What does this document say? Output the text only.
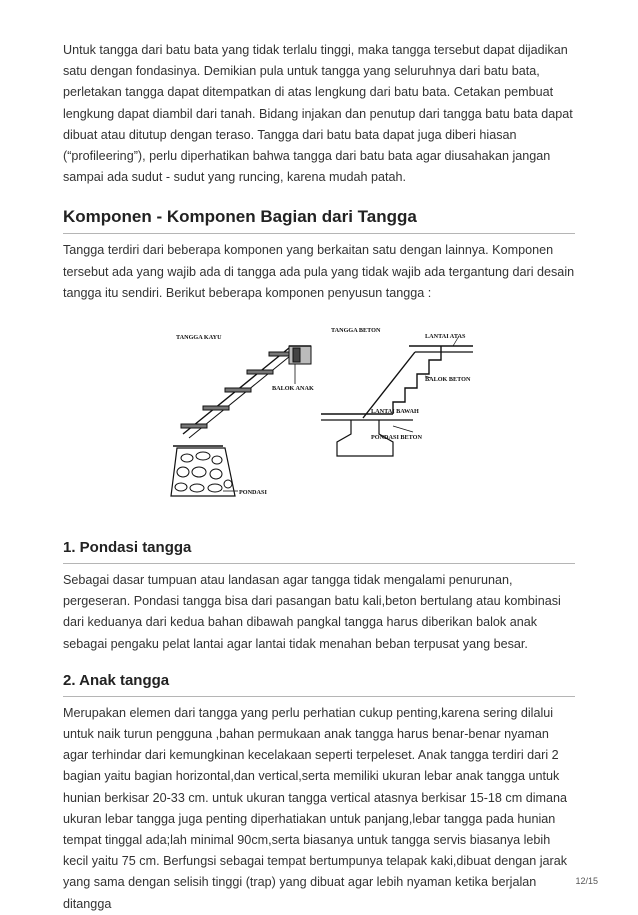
Untuk tangga dari batu bata yang tidak terlalu tinggi, maka tangga tersebut dapat dijadikan satu dengan fondasinya. Demikian pula untuk tangga yang seluruhnya dari batu bata, perletakan tangga dapat ditempatkan di atas lengkung dari batu bata. Cetakan pembuat lengkung dapat diambil dari tanah. Bidang injakan dan penutup dari tangga batu bata dapat dibuat atau ditutup dengan teraso. Tangga dari batu bata dapat juga diberi hiasan (“profileering”), perlu diperhatikan bahwa tangga dari batu bata agar diusahakan jangan sampai ada sudut - sudut yang runcing, karena mudah patah.

Komponen - Komponen Bagian dari Tangga

Tangga terdiri dari beberapa komponen yang berkaitan satu dengan lainnya. Komponen tersebut ada yang wajib ada di tangga ada pula yang tidak wajib ada tergantung dari desain tangga itu sendiri. Berikut beberapa komponen penyusun tangga :

TANGGA KAYU
BALOK ANAK
PONDASI
TANGGA BETON
LANTAI ATAS
BALOK BETON
LANTAI BAWAH
PONDASI BETON
1. Pondasi tangga

Sebagai dasar tumpuan atau landasan agar tangga tidak mengalami penurunan, pergeseran. Pondasi tangga bisa dari pasangan batu kali,beton bertulang atau kombinasi dari keduanya dari kedua bahan dibawah pangkal tangga harus diberikan balok anak sebagai pengaku pelat lantai agar lantai tidak menahan beban terpusat yang besar.

2. Anak tangga

Merupakan elemen dari tangga yang perlu perhatian cukup penting,karena sering dilalui untuk naik turun pengguna ,bahan permukaan anak tangga harus benar-benar nyaman agar terhindar dari kemungkinan kecelakaan seperti terpeleset. Anak tangga terdiri dari 2 bagian yaitu bagian horizontal,dan vertical,serta memiliki ukuran lebar anak tangga untuk hunian berkisar 20-33 cm. untuk ukuran tangga vertical atasnya berkisar 15-18 cm dimana ukuran lebar tangga juga penting diperhatiakan untuk panjang,lebar tangga pada hunian tempat tinggal ada;lah minimal 90cm,serta biasanya untuk tangga servis biasanya lebih kecil yaitu 75 cm. Berfungsi sebagai tempat bertumpunya telapak kaki,dibuat dengan jarak yang sama dengan selisih tinggi (trap) yang dibuat agar lebih nyaman ketika berjalan ditangga

12/15
